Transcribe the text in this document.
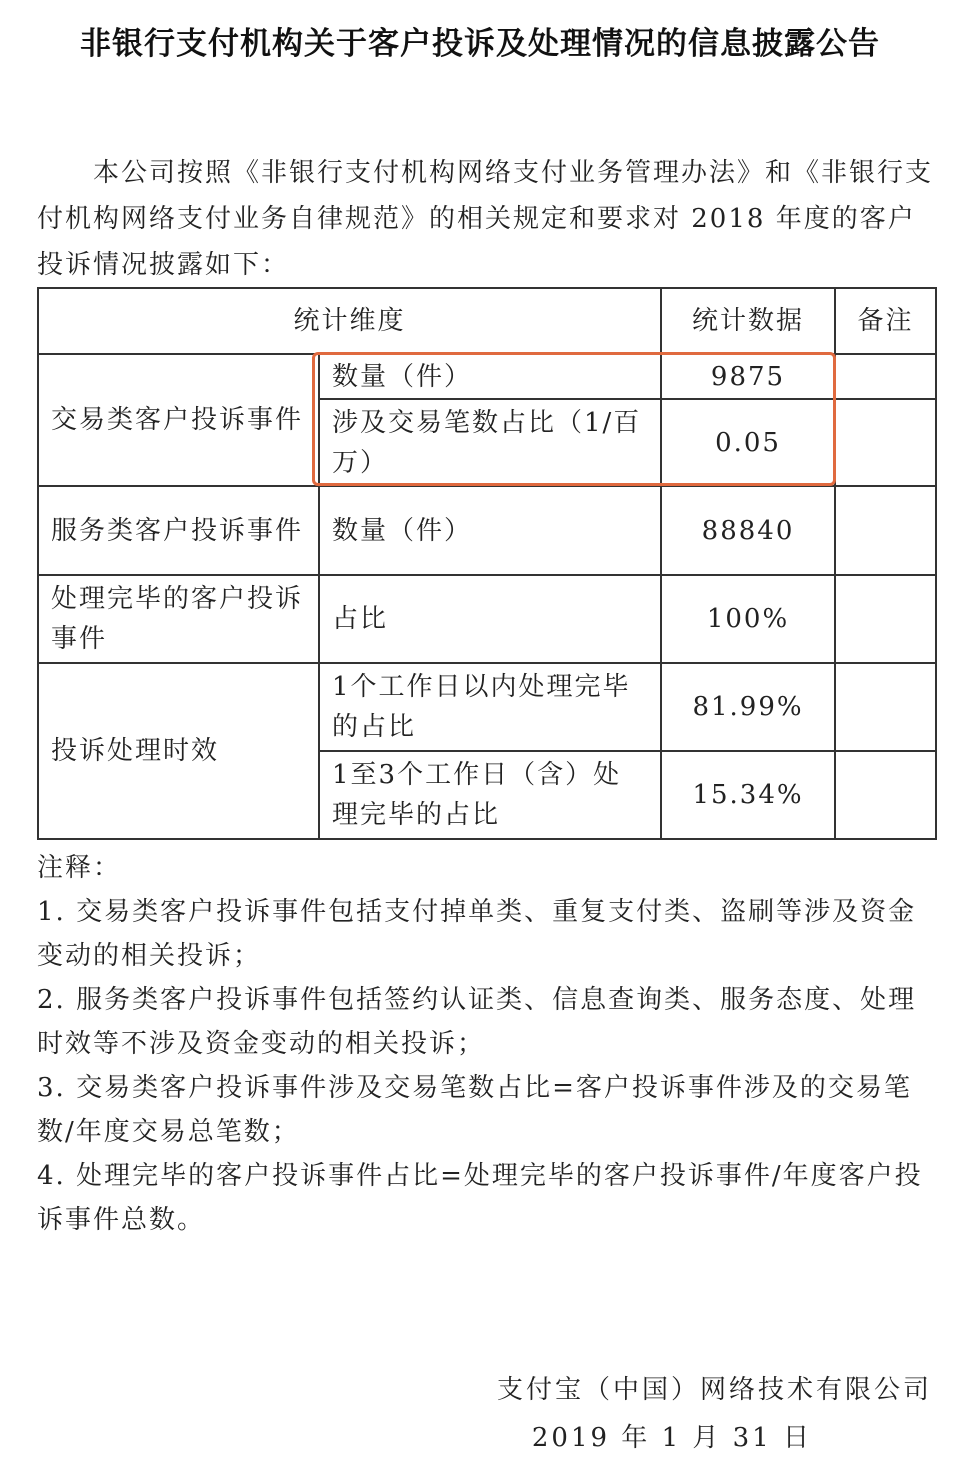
非银行支付机构关于客户投诉及处理情况的信息披露公告
本公司按照《非银行支付机构网络支付业务管理办法》和《非银行支付机构网络支付业务自律规范》的相关规定和要求对 2018 年度的客户投诉情况披露如下：
统计维度		统计数据	备注
交易类客户投诉事件	数量（件）	9875	
	涉及交易笔数占比（1/百万）	0.05	
服务类客户投诉事件	数量（件）	88840	
处理完毕的客户投诉事件	占比	100%	
投诉处理时效	1个工作日以内处理完毕的占比	81.99%	
	1至3个工作日（含）处理完毕的占比	15.34%	

注释：

1. 交易类客户投诉事件包括支付掉单类、重复支付类、盗刷等涉及资金变动的相关投诉；

2. 服务类客户投诉事件包括签约认证类、信息查询类、服务态度、处理时效等不涉及资金变动的相关投诉；

3. 交易类客户投诉事件涉及交易笔数占比=客户投诉事件涉及的交易笔数/年度交易总笔数；

4. 处理完毕的客户投诉事件占比=处理完毕的客户投诉事件/年度客户投诉事件总数。

支付宝（中国）网络技术有限公司
2019 年 1 月 31 日
